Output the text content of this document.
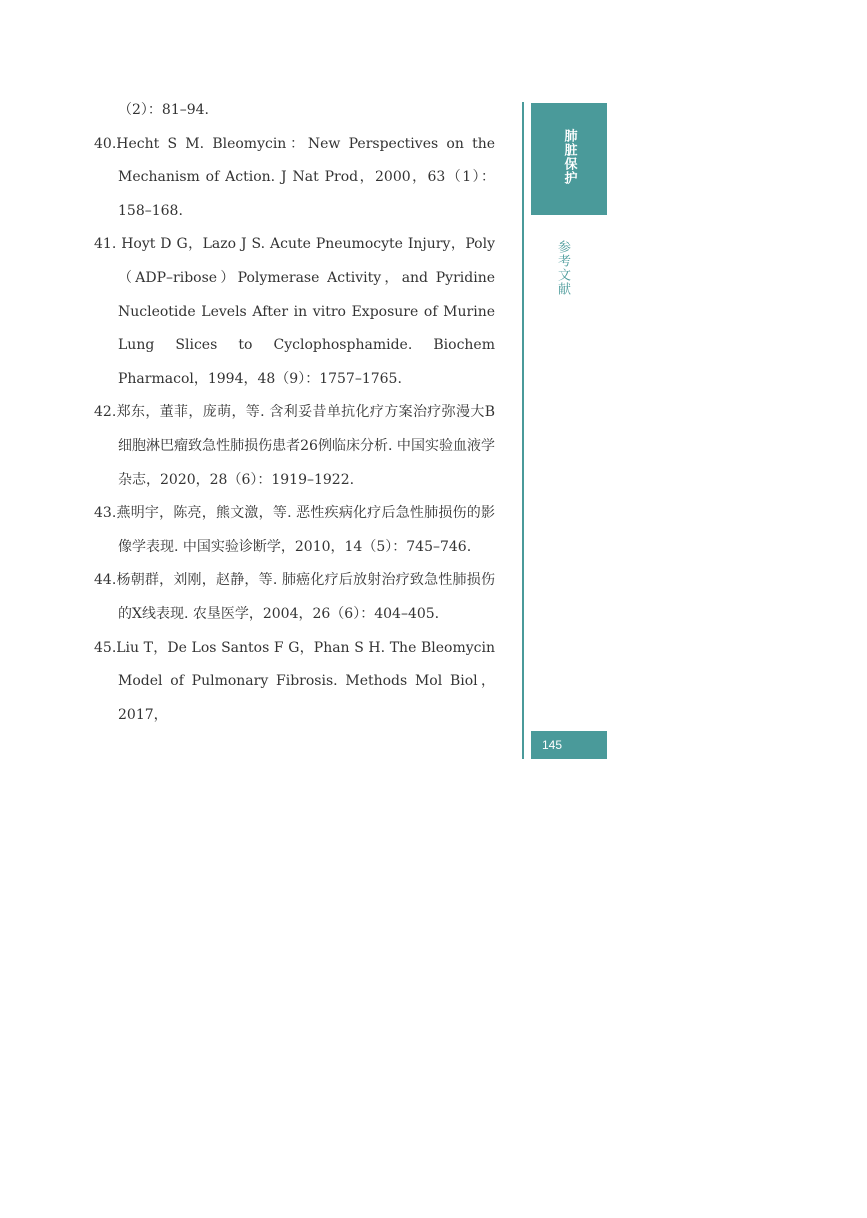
（2）：81–94.
40.Hecht S M. Bleomycin：New Perspectives on the Mechanism of Action. J Nat Prod，2000，63（1）：158–168.
41. Hoyt D G，Lazo J S. Acute Pneumocyte Injury，Poly（ADP–ribose）Polymerase Activity，and Pyridine Nucleotide Levels After in vitro Exposure of Murine Lung Slices to Cyclophosphamide. Biochem Pharmacol，1994，48（9）：1757–1765.
42.郑东，董菲，庞萌，等. 含利妥昔单抗化疗方案治疗弥漫大B细胞淋巴瘤致急性肺损伤患者26例临床分析. 中国实验血液学杂志，2020，28（6）：1919–1922.
43.燕明宇，陈亮，熊文激，等. 恶性疾病化疗后急性肺损伤的影像学表现. 中国实验诊断学，2010，14（5）：745–746.
44.杨朝群，刘刚，赵静，等. 肺癌化疗后放射治疗致急性肺损伤的X线表现. 农垦医学，2004，26（6）：404–405.
45.Liu T，De Los Santos F G，Phan S H. The Bleomycin Model of Pulmonary Fibrosis. Methods Mol Biol，2017，
肺脏保护
参考文献
145
